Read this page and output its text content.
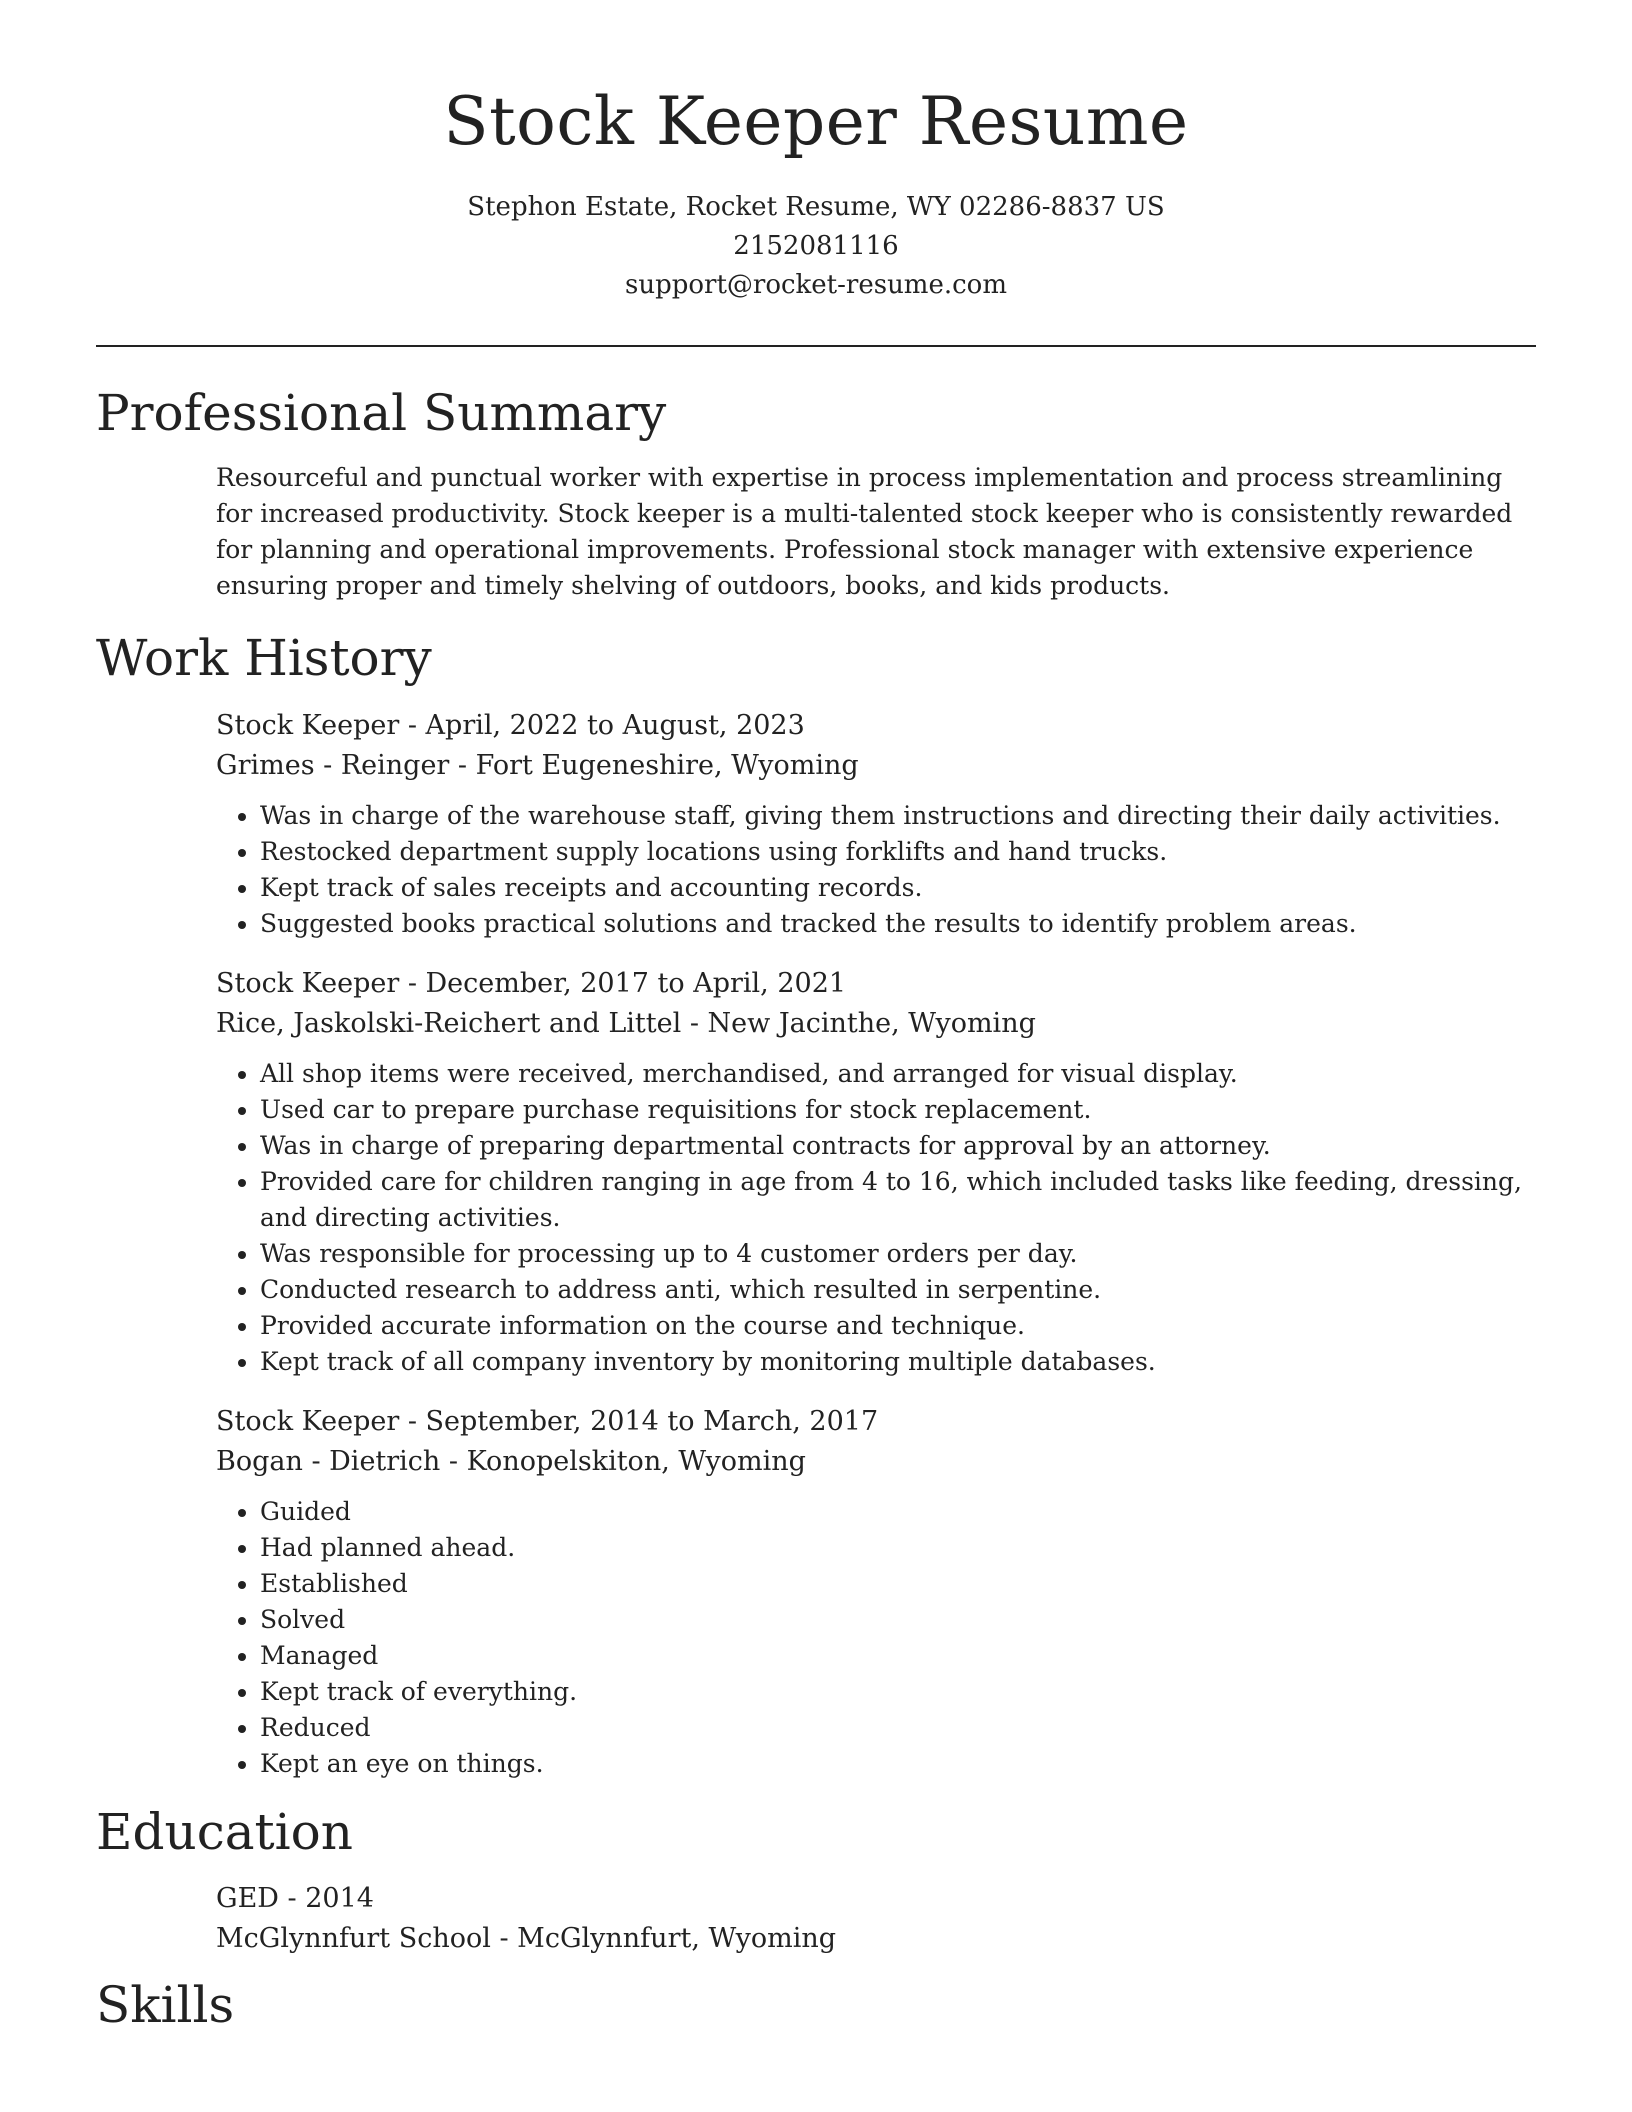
Stock Keeper Resume
Stephon Estate, Rocket Resume, WY 02286-8837 US
2152081116
support@rocket-resume.com
Professional Summary

Resourceful and punctual worker with expertise in process implementation and process streamlining for increased productivity. Stock keeper is a multi-talented stock keeper who is consistently rewarded for planning and operational improvements. Professional stock manager with extensive experience ensuring proper and timely shelving of outdoors, books, and kids products.

Work History
Stock Keeper - April, 2022 to August, 2023
Grimes - Reinger - Fort Eugeneshire, Wyoming
• Was in charge of the warehouse staff, giving them instructions and directing their daily activities.
• Restocked department supply locations using forklifts and hand trucks.
• Kept track of sales receipts and accounting records.
• Suggested books practical solutions and tracked the results to identify problem areas.
Stock Keeper - December, 2017 to April, 2021
Rice, Jaskolski-Reichert and Littel - New Jacinthe, Wyoming
• All shop items were received, merchandised, and arranged for visual display.
• Used car to prepare purchase requisitions for stock replacement.
• Was in charge of preparing departmental contracts for approval by an attorney.
• Provided care for children ranging in age from 4 to 16, which included tasks like feeding, dressing, and directing activities.
• Was responsible for processing up to 4 customer orders per day.
• Conducted research to address anti, which resulted in serpentine.
• Provided accurate information on the course and technique.
• Kept track of all company inventory by monitoring multiple databases.
Stock Keeper - September, 2014 to March, 2017
Bogan - Dietrich - Konopelskiton, Wyoming
• Guided
• Had planned ahead.
• Established
• Solved
• Managed
• Kept track of everything.
• Reduced
• Kept an eye on things.
Education
GED - 2014
McGlynnfurt School - McGlynnfurt, Wyoming
Skills
